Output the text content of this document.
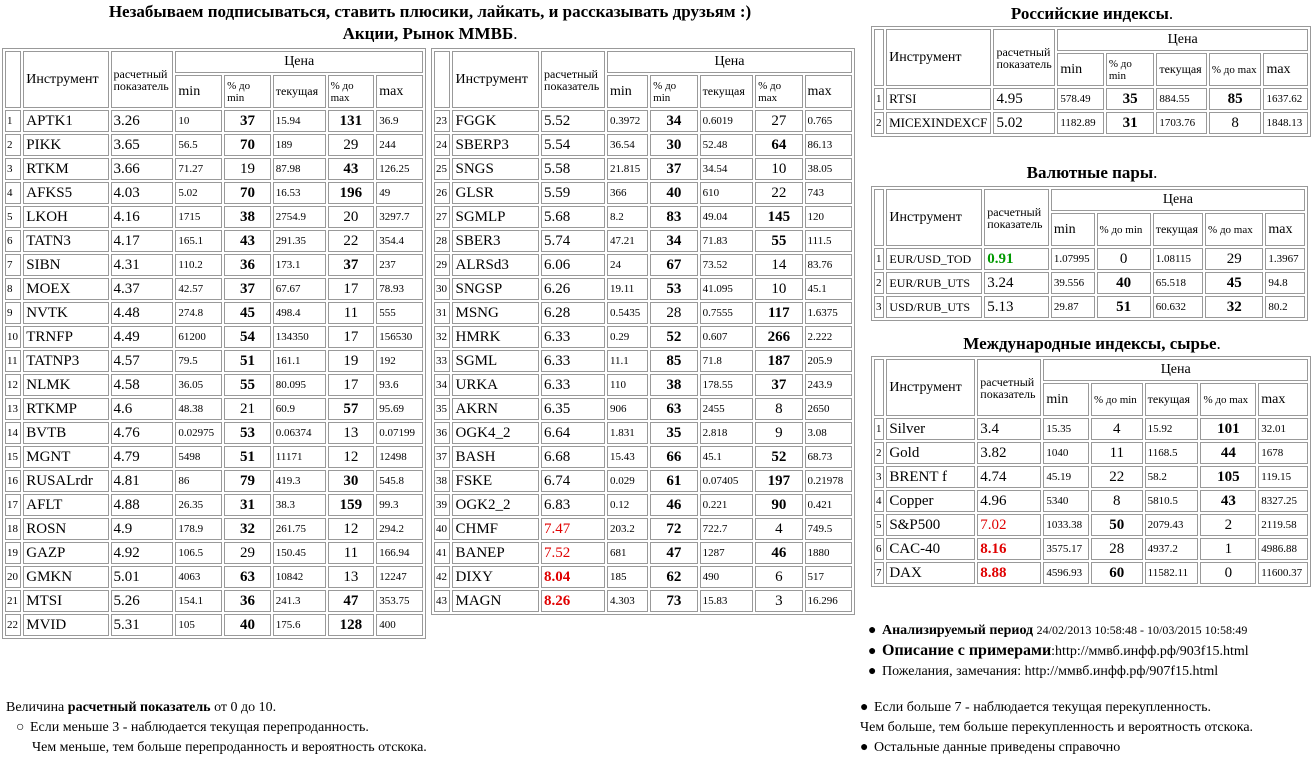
Незабываем подписываться, ставить плюсики, лайкать, и рассказывать друзьям :)
Акции, Рынок ММВБ.
	Инструмент	расчетный показатель	Цена				
			min	% до min	текущая	% до max	max
1	APTK1	3.26	10	37	15.94	131	36.9
2	PIKK	3.65	56.5	70	189	29	244
3	RTKM	3.66	71.27	19	87.98	43	126.25
4	AFKS5	4.03	5.02	70	16.53	196	49
5	LKOH	4.16	1715	38	2754.9	20	3297.7
6	TATN3	4.17	165.1	43	291.35	22	354.4
7	SIBN	4.31	110.2	36	173.1	37	237
8	MOEX	4.37	42.57	37	67.67	17	78.93
9	NVTK	4.48	274.8	45	498.4	11	555
10	TRNFP	4.49	61200	54	134350	17	156530
11	TATNP3	4.57	79.5	51	161.1	19	192
12	NLMK	4.58	36.05	55	80.095	17	93.6
13	RTKMP	4.6	48.38	21	60.9	57	95.69
14	BVTB	4.76	0.02975	53	0.06374	13	0.07199
15	MGNT	4.79	5498	51	11171	12	12498
16	RUSALrdr	4.81	86	79	419.3	30	545.8
17	AFLT	4.88	26.35	31	38.3	159	99.3
18	ROSN	4.9	178.9	32	261.75	12	294.2
19	GAZP	4.92	106.5	29	150.45	11	166.94
20	GMKN	5.01	4063	63	10842	13	12247
21	MTSI	5.26	154.1	36	241.3	47	353.75
22	MVID	5.31	105	40	175.6	128	400
	Инструмент	расчетный показатель	Цена				
			min	% до min	текущая	% до max	max
23	FGGK	5.52	0.3972	34	0.6019	27	0.765
24	SBERP3	5.54	36.54	30	52.48	64	86.13
25	SNGS	5.58	21.815	37	34.54	10	38.05
26	GLSR	5.59	366	40	610	22	743
27	SGMLP	5.68	8.2	83	49.04	145	120
28	SBER3	5.74	47.21	34	71.83	55	111.5
29	ALRSd3	6.06	24	67	73.52	14	83.76
30	SNGSP	6.26	19.11	53	41.095	10	45.1
31	MSNG	6.28	0.5435	28	0.7555	117	1.6375
32	HMRK	6.33	0.29	52	0.607	266	2.222
33	SGML	6.33	11.1	85	71.8	187	205.9
34	URKA	6.33	110	38	178.55	37	243.9
35	AKRN	6.35	906	63	2455	8	2650
36	OGK4_2	6.64	1.831	35	2.818	9	3.08
37	BASH	6.68	15.43	66	45.1	52	68.73
38	FSKE	6.74	0.029	61	0.07405	197	0.21978
39	OGK2_2	6.83	0.12	46	0.221	90	0.421
40	CHMF	7.47	203.2	72	722.7	4	749.5
41	BANEP	7.52	681	47	1287	46	1880
42	DIXY	8.04	185	62	490	6	517
43	MAGN	8.26	4.303	73	15.83	3	16.296
Российские индексы.
	Инструмент	расчетный показатель	Цена				
			min	% до min	текущая	% до max	max
1	RTSI	4.95	578.49	35	884.55	85	1637.62
2	MICEXINDEXCF	5.02	1182.89	31	1703.76	8	1848.13
Валютные пары.
	Инструмент	расчетный показатель	Цена				
			min	% до min	текущая	% до max	max
1	EUR/USD_TOD	0.91	1.07995	0	1.08115	29	1.3967
2	EUR/RUB_UTS	3.24	39.556	40	65.518	45	94.8
3	USD/RUB_UTS	5.13	29.87	51	60.632	32	80.2
Международные индексы, сырье.
	Инструмент	расчетный показатель	Цена				
			min	% до min	текущая	% до max	max
1	Silver	3.4	15.35	4	15.92	101	32.01
2	Gold	3.82	1040	11	1168.5	44	1678
3	BRENT f	4.74	45.19	22	58.2	105	119.15
4	Copper	4.96	5340	8	5810.5	43	8327.25
5	S&P500	7.02	1033.38	50	2079.43	2	2119.58
6	CAC-40	8.16	3575.17	28	4937.2	1	4986.88
7	DAX	8.88	4596.93	60	11582.11	0	11600.37
● Анализируемый период 24/02/2013 10:58:48 - 10/03/2015 10:58:49
● Описание с примерами:http://ммвб.инфф.рф/903f15.html
● Пожелания, замечания: http://ммвб.инфф.рф/907f15.html
Величина расчетный показатель от 0 до 10.
○ Если меньше 3 - наблюдается текущая перепроданность.
Чем меньше, тем больше перепроданность и вероятность отскока.
● Если больше 7 - наблюдается текущая перекупленность.
Чем больше, тем больше перекупленность и вероятность отскока.
● Остальные данные приведены справочно
